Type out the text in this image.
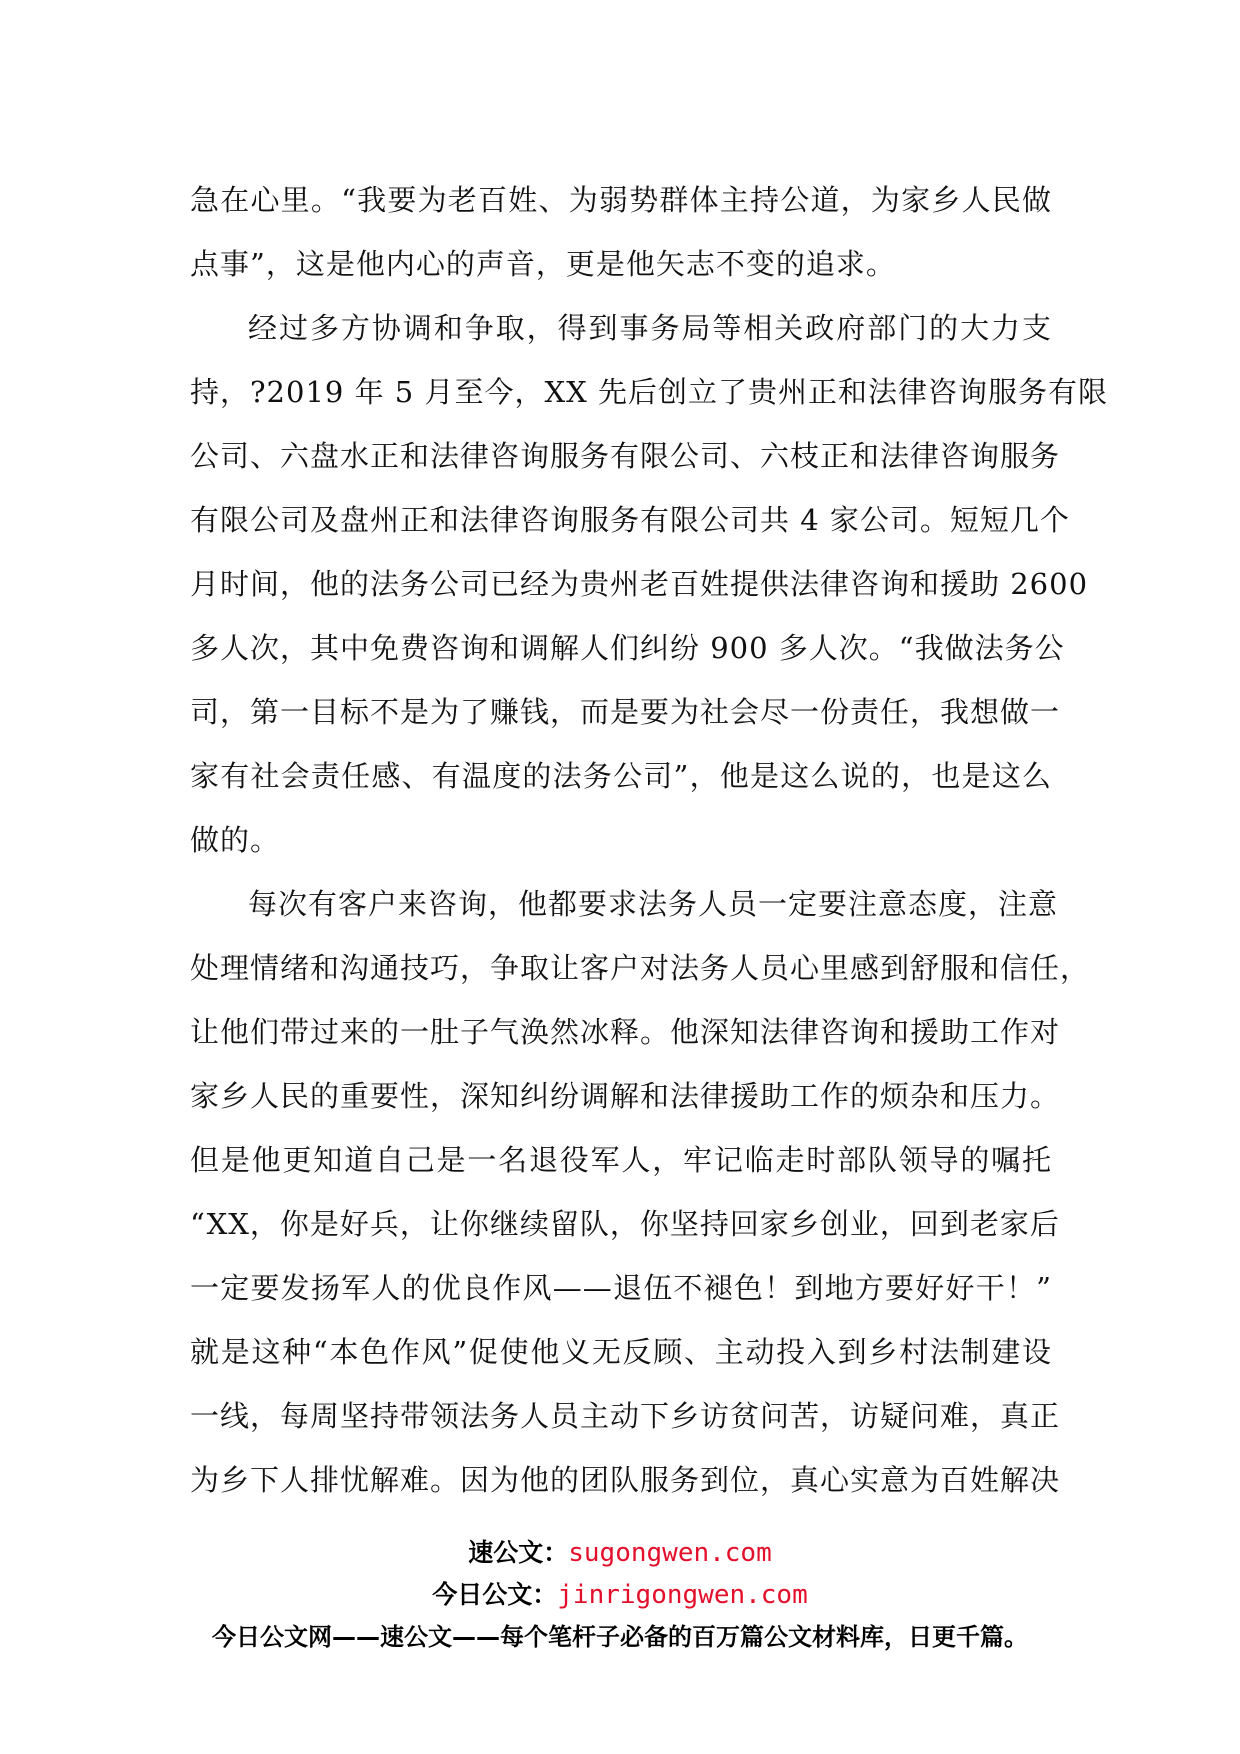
急在心里。“我要为老百姓、为弱势群体主持公道，为家乡人民做
点事”，这是他内心的声音，更是他矢志不变的追求。
经过多方协调和争取，得到事务局等相关政府部门的大力支
持，?2019 年 5 月至今，XX 先后创立了贵州正和法律咨询服务有限
公司、六盘水正和法律咨询服务有限公司、六枝正和法律咨询服务
有限公司及盘州正和法律咨询服务有限公司共 4 家公司。短短几个
月时间，他的法务公司已经为贵州老百姓提供法律咨询和援助 2600
多人次，其中免费咨询和调解人们纠纷 900 多人次。“我做法务公
司，第一目标不是为了赚钱，而是要为社会尽一份责任，我想做一
家有社会责任感、有温度的法务公司”，他是这么说的，也是这么
做的。
每次有客户来咨询，他都要求法务人员一定要注意态度，注意
处理情绪和沟通技巧，争取让客户对法务人员心里感到舒服和信任，
让他们带过来的一肚子气涣然冰释。他深知法律咨询和援助工作对
家乡人民的重要性，深知纠纷调解和法律援助工作的烦杂和压力。
但是他更知道自己是一名退役军人，牢记临走时部队领导的嘱托
“XX，你是好兵，让你继续留队，你坚持回家乡创业，回到老家后
一定要发扬军人的优良作风——退伍不褪色！到地方要好好干！”
就是这种“本色作风”促使他义无反顾、主动投入到乡村法制建设
一线，每周坚持带领法务人员主动下乡访贫问苦，访疑问难，真正
为乡下人排忧解难。因为他的团队服务到位，真心实意为百姓解决
速公文：sugongwen.com
今日公文：jinrigongwen.com
今日公文网——速公文——每个笔杆子必备的百万篇公文材料库，日更千篇。
